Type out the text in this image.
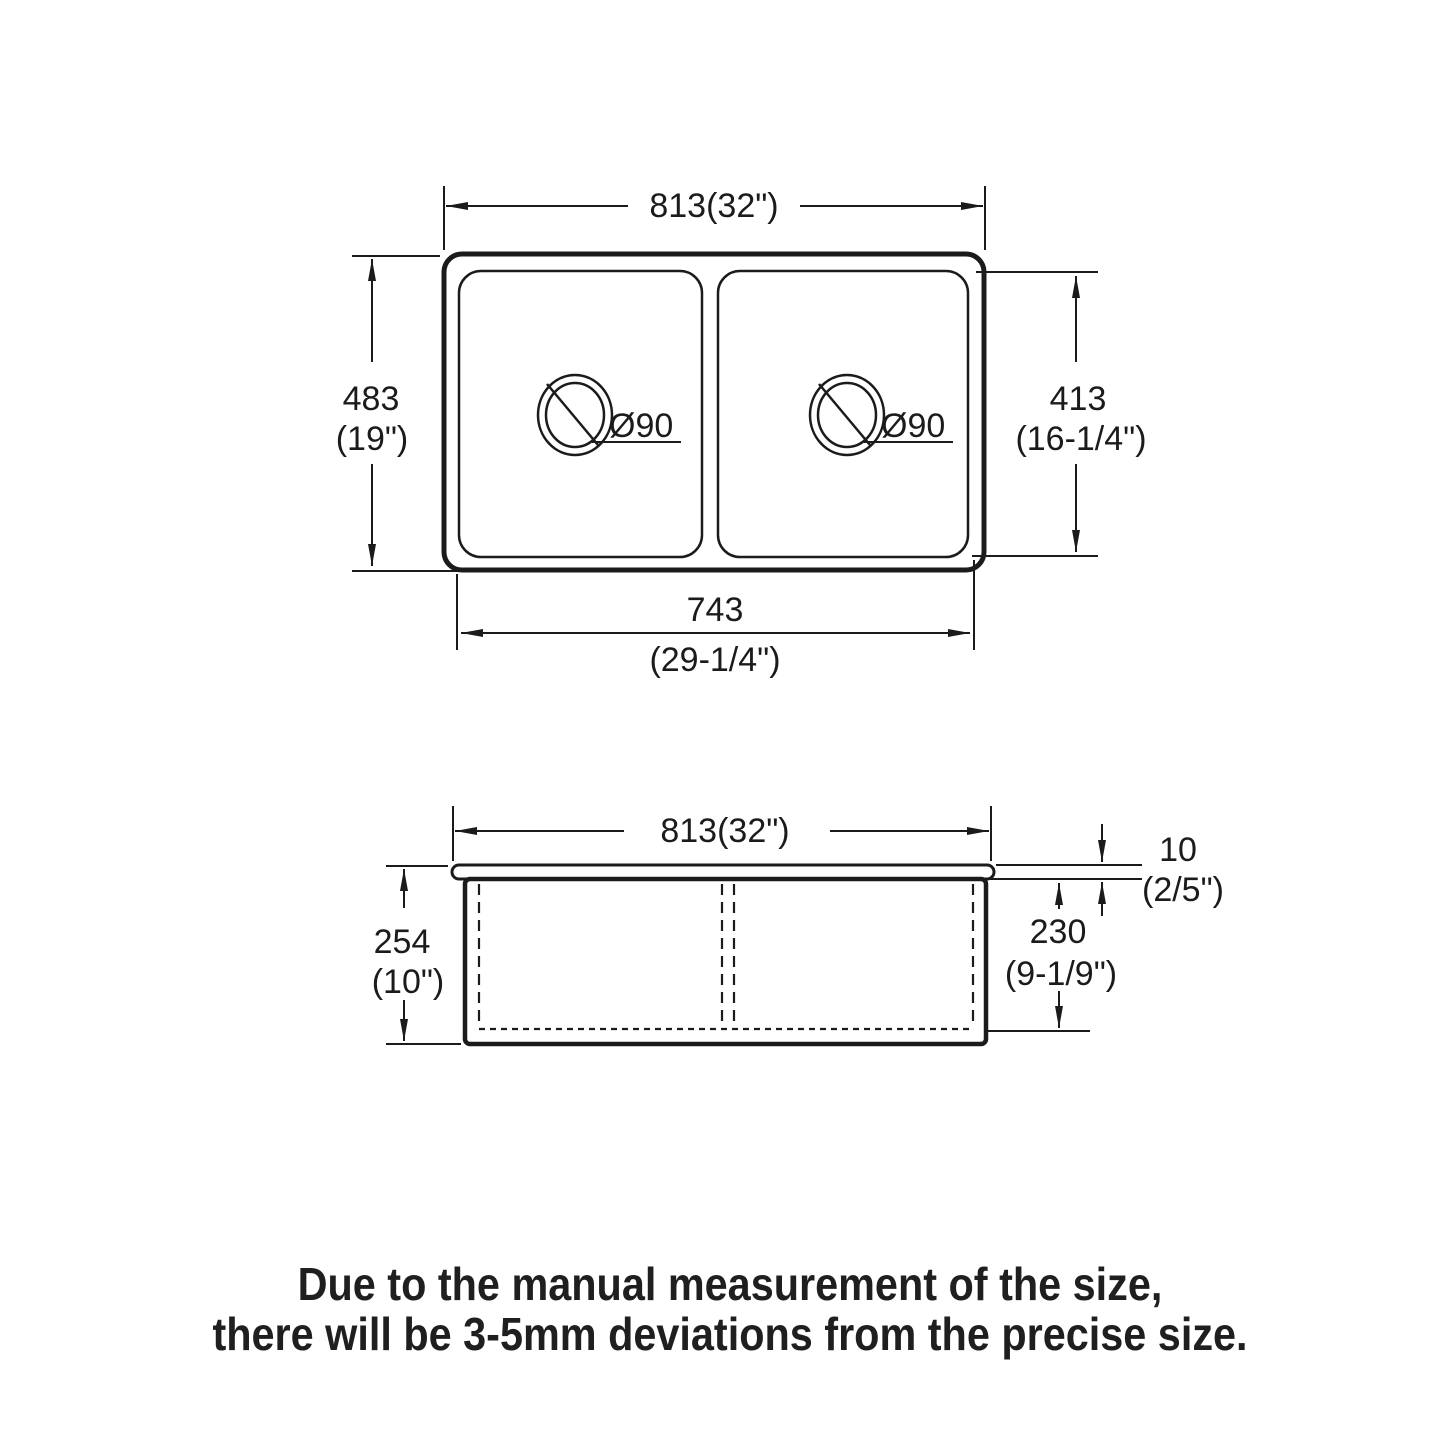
Ø90	Ø90
813(32")
483
(19")
413
(16-1/4")
743
(29-1/4")
813(32")
254
(10")
10
(2/5")
230
(9-1/9")
Due to the manual measurement of the size,
there will be 3-5mm deviations from the precise size.
